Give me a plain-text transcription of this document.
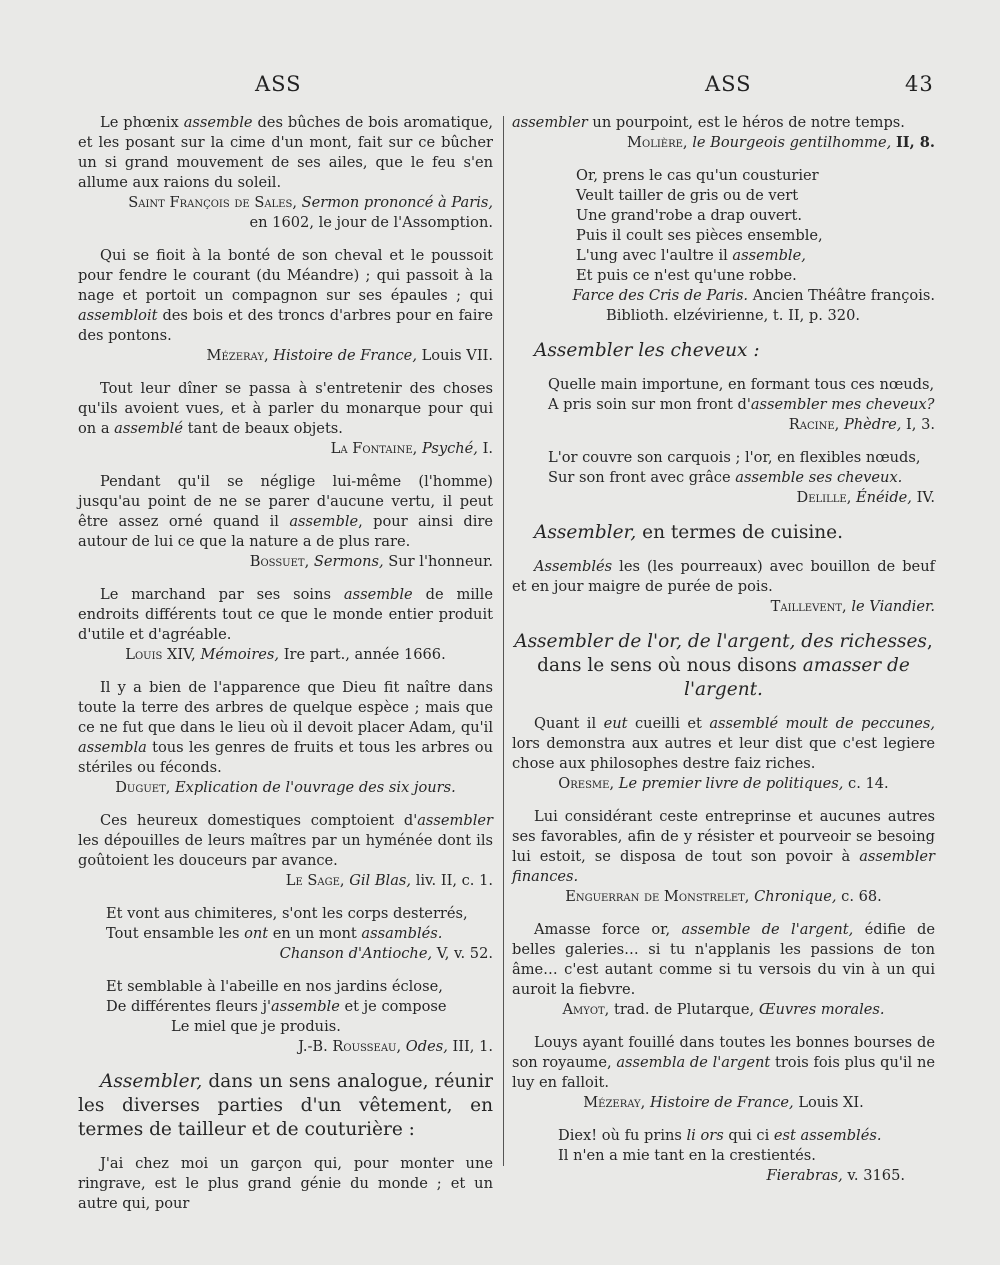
ASS	ASS	43

Le phœnix assemble des bûches de bois aromatique, et les posant sur la cime d'un mont, fait sur ce bûcher un si grand mouvement de ses ailes, que le feu s'en allume aux raions du soleil.

Saint François de Sales, Sermon prononcé à Paris,
en 1602, le jour de l'Assomption.

Qui se fioit à la bonté de son cheval et le poussoit pour fendre le courant (du Méandre) ; qui passoit à la nage et portoit un compagnon sur ses épaules ; qui assembloit des bois et des troncs d'arbres pour en faire des pontons.

Mézeray, Histoire de France, Louis VII.

Tout leur dîner se passa à s'entretenir des choses qu'ils avoient vues, et à parler du monarque pour qui on a assemblé tant de beaux objets.

La Fontaine, Psyché, I.

Pendant qu'il se néglige lui-même (l'homme) jusqu'au point de ne se parer d'aucune vertu, il peut être assez orné quand il assemble, pour ainsi dire autour de lui ce que la nature a de plus rare.

Bossuet, Sermons, Sur l'honneur.

Le marchand par ses soins assemble de mille endroits différents tout ce que le monde entier produit d'utile et d'agréable.

Louis XIV, Mémoires, Ire part., année 1666.

Il y a bien de l'apparence que Dieu fit naître dans toute la terre des arbres de quelque espèce ; mais que ce ne fut que dans le lieu où il devoit placer Adam, qu'il assembla tous les genres de fruits et tous les arbres ou stériles ou féconds.

Duguet, Explication de l'ouvrage des six jours.

Ces heureux domestiques comptoient d'assembler les dépouilles de leurs maîtres par un hyménée dont ils goûtoient les douceurs par avance.

Le Sage, Gil Blas, liv. II, c. 1.

Et vont aus chimiteres, s'ont les corps desterrés,
Tout ensamble les ont en un mont assamblés.

Chanson d'Antioche, V, v. 52.

Et semblable à l'abeille en nos jardins éclose,
De différentes fleurs j'assemble et je compose
Le miel que je produis.

J.-B. Rousseau, Odes, III, 1.

Assembler, dans un sens analogue, réunir les diverses parties d'un vêtement, en termes de tailleur et de couturière :

J'ai chez moi un garçon qui, pour monter une ringrave, est le plus grand génie du monde ; et un autre qui, pour

assembler un pourpoint, est le héros de notre temps.

Molière, le Bourgeois gentilhomme, II, 8.

Or, prens le cas qu'un cousturier
Veult tailler de gris ou de vert
Une grand'robe a drap ouvert.
Puis il coult ses pièces ensemble,
L'ung avec l'aultre il assemble,
Et puis ce n'est qu'une robbe.

Farce des Cris de Paris. Ancien Théâtre françois.
Biblioth. elzévirienne, t. II, p. 320.

Assembler les cheveux :

Quelle main importune, en formant tous ces nœuds,
A pris soin sur mon front d'assembler mes cheveux?

Racine, Phèdre, I, 3.

L'or couvre son carquois ; l'or, en flexibles nœuds,
Sur son front avec grâce assemble ses cheveux.

Delille, Énéide, IV.

Assembler, en termes de cuisine.

Assemblés les (les pourreaux) avec bouillon de beuf et en jour maigre de purée de pois.

Taillevent, le Viandier.

Assembler de l'or, de l'argent, des richesses, dans le sens où nous disons amasser de l'argent.

Quant il eut cueilli et assemblé moult de peccunes, lors demonstra aux autres et leur dist que c'est legiere chose aux philosophes destre faiz riches.

Oresme, Le premier livre de politiques, c. 14.

Lui considérant ceste entreprinse et aucunes autres ses favorables, afin de y résister et pourveoir se besoing lui estoit, se disposa de tout son povoir à assembler finances.

Enguerran de Monstrelet, Chronique, c. 68.

Amasse force or, assemble de l'argent, édifie de belles galeries… si tu n'applanis les passions de ton âme… c'est autant comme si tu versois du vin à un qui auroit la fiebvre.

Amyot, trad. de Plutarque, Œuvres morales.

Louys ayant fouillé dans toutes les bonnes bourses de son royaume, assembla de l'argent trois fois plus qu'il ne luy en falloit.

Mézeray, Histoire de France, Louis XI.

Diex! où fu prins li ors qui ci est assemblés.
Il n'en a mie tant en la crestientés.

Fierabras, v. 3165.
